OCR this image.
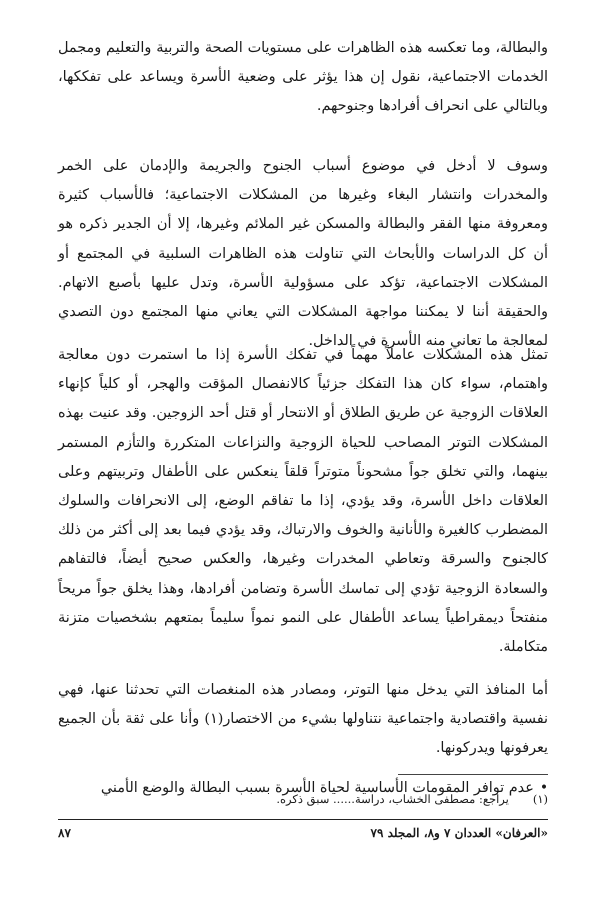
والبطالة، وما تعكسه هذه الظاهرات على مستويات الصحة والتربية والتعليم ومجمل الخدمات الاجتماعية، نقول إن هذا يؤثر على وضعية الأسرة ويساعد على تفككها، وبالتالي على انحراف أفرادها وجنوحهم.

وسوف لا أدخل في موضوع أسباب الجنوح والجريمة والإدمان على الخمر والمخدرات وانتشار البغاء وغيرها من المشكلات الاجتماعية؛ فالأسباب كثيرة ومعروفة منها الفقر والبطالة والمسكن غير الملائم وغيرها، إلا أن الجدير ذكره هو أن كل الدراسات والأبحاث التي تناولت هذه الظاهرات السلبية في المجتمع أو المشكلات الاجتماعية، تؤكد على مسؤولية الأسرة، وتدل عليها بأصبع الاتهام. والحقيقة أننا لا يمكننا مواجهة المشكلات التي يعاني منها المجتمع دون التصدي لمعالجة ما تعاني منه الأسرة في الداخل.

تمثل هذه المشكلات عاملاً مهماً في تفكك الأسرة إذا ما استمرت دون معالجة واهتمام، سواء كان هذا التفكك جزئياً كالانفصال المؤقت والهجر، أو كلياً كإنهاء العلاقات الزوجية عن طريق الطلاق أو الانتحار أو قتل أحد الزوجين. وقد عنيت بهذه المشكلات التوتر المصاحب للحياة الزوجية والنزاعات المتكررة والتأزم المستمر بينهما، والتي تخلق جواً مشحوناً متوتراً قلقاً ينعكس على الأطفال وتربيتهم وعلى العلاقات داخل الأسرة، وقد يؤدي، إذا ما تفاقم الوضع، إلى الانحرافات والسلوك المضطرب كالغيرة والأنانية والخوف والارتباك، وقد يؤدي فيما بعد إلى أكثر من ذلك كالجنوح والسرقة وتعاطي المخدرات وغيرها، والعكس صحيح أيضاً، فالتفاهم والسعادة الزوجية تؤدي إلى تماسك الأسرة وتضامن أفرادها، وهذا يخلق جواً مريحاً منفتحاً ديمقراطياً يساعد الأطفال على النمو نمواً سليماً بمتعهم بشخصيات متزنة متكاملة.

أما المنافذ التي يدخل منها التوتر، ومصادر هذه المنغصات التي تحدثنا عنها، فهي نفسية واقتصادية واجتماعية نتناولها بشيء من الاختصار(١) وأنا على ثقة بأن الجميع يعرفونها ويدركونها.

•
عدم توافر المقومات الأساسية لحياة الأسرة بسبب البطالة والوضع الأمني
(١)
يراجع: مصطفى الخشاب، دراسة...... سبق ذكره.
«العرفان» العددان ٧ و٨، المجلد ٧٩
٨٧
